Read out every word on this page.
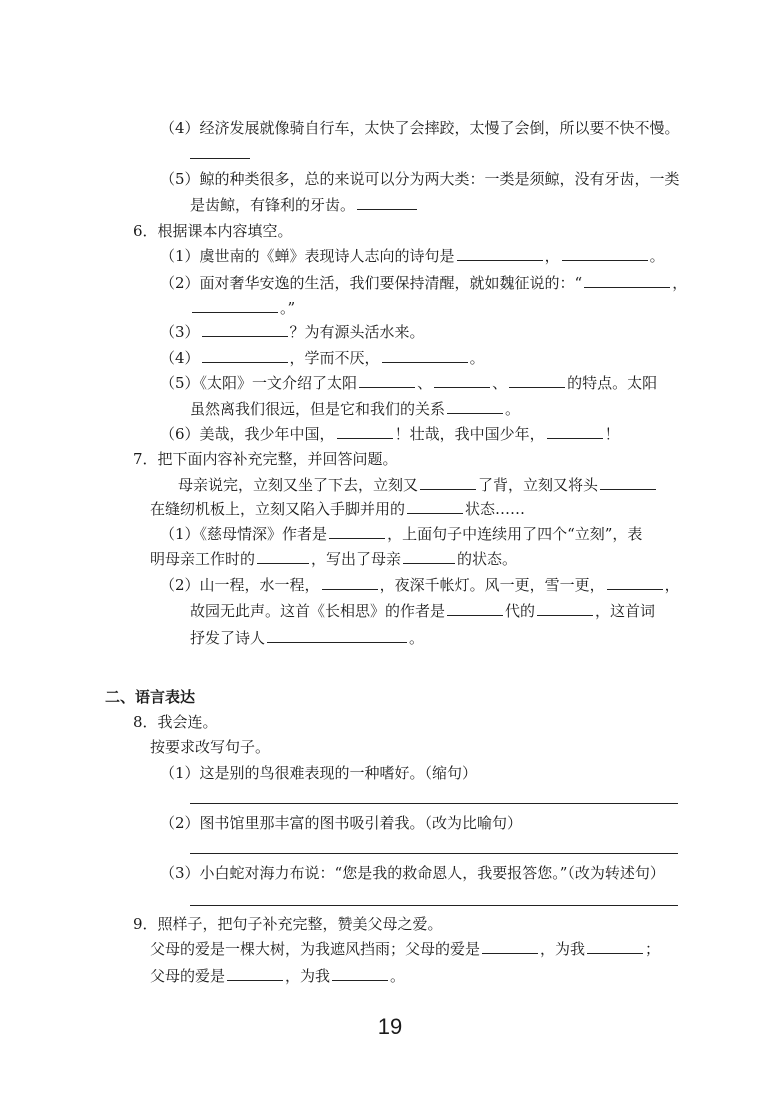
（4）经济发展就像骑自行车，太快了会摔跤，太慢了会倒，所以要不快不慢。
（5）鲸的种类很多，总的来说可以分为两大类：一类是须鲸，没有牙齿，一类
是齿鲸，有锋利的牙齿。
6．根据课本内容填空。
（1）虞世南的《蝉》表现诗人志向的诗句是	，	。
（2）面对奢华安逸的生活，我们要保持清醒，就如魏征说的：“	，
。”
（3）	？为有源头活水来。
（4）	，学而不厌，	。
（5）《太阳》一文介绍了太阳	、	、	的特点。太阳
虽然离我们很远，但是它和我们的关系	。
（6）美哉，我少年中国，	！壮哉，我中国少年，	！
7．把下面内容补充完整，并回答问题。
母亲说完，立刻又坐了下去，立刻又	了背，立刻又将头
在缝纫机板上，立刻又陷入手脚并用的	状态……
（1）《慈母情深》作者是	，上面句子中连续用了四个“立刻”，表
明母亲工作时的	，写出了母亲	的状态。
（2）山一程，水一程，	，夜深千帐灯。风一更，雪一更，	，
故园无此声。这首《长相思》的作者是	代的	，这首词
抒发了诗人	。
二、语言表达
8．我会连。
按要求改写句子。
（1）这是别的鸟很难表现的一种嗜好。（缩句）
（2）图书馆里那丰富的图书吸引着我。（改为比喻句）
（3）小白蛇对海力布说：“您是我的救命恩人，我要报答您。”（改为转述句）
9．照样子，把句子补充完整，赞美父母之爱。
父母的爱是一棵大树，为我遮风挡雨；父母的爱是	，为我	；
父母的爱是	，为我	。
19
